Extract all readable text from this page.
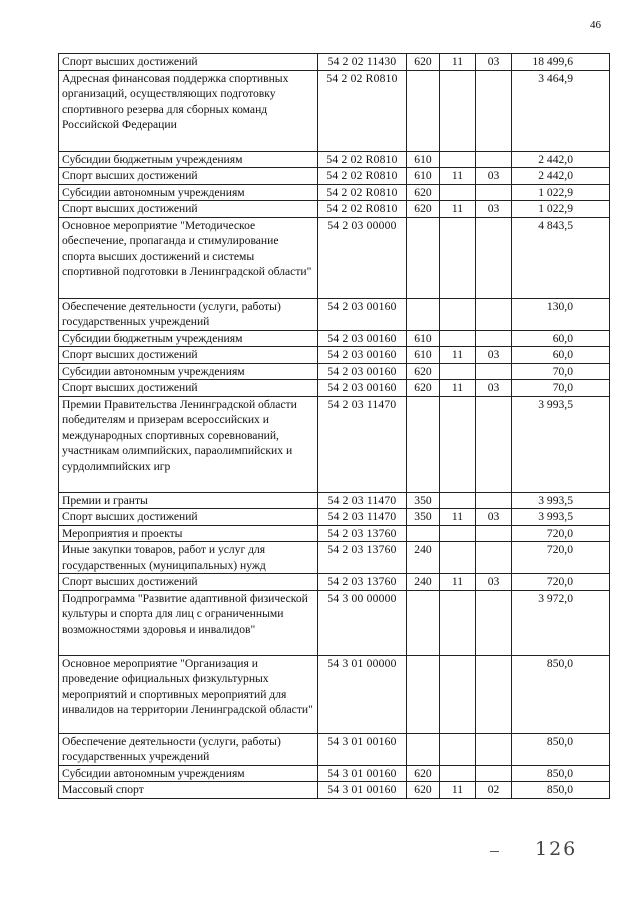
46
Спорт высших достижений	54 2 02 11430	620	11	03	18 499,6
Адресная финансовая поддержка спортивных организаций, осуществляющих подготовку спортивного резерва для сборных команд Российской Федерации	54 2 02 R0810				3 464,9
Субсидии бюджетным учреждениям	54 2 02 R0810	610			2 442,0
Спорт высших достижений	54 2 02 R0810	610	11	03	2 442,0
Субсидии автономным учреждениям	54 2 02 R0810	620			1 022,9
Спорт высших достижений	54 2 02 R0810	620	11	03	1 022,9
Основное мероприятие "Методическое обеспечение, пропаганда и стимулирование спорта высших достижений и системы спортивной подготовки в Ленинградской области"	54 2 03 00000				4 843,5
Обеспечение деятельности (услуги, работы) государственных учреждений	54 2 03 00160				130,0
Субсидии бюджетным учреждениям	54 2 03 00160	610			60,0
Спорт высших достижений	54 2 03 00160	610	11	03	60,0
Субсидии автономным учреждениям	54 2 03 00160	620			70,0
Спорт высших достижений	54 2 03 00160	620	11	03	70,0
Премии Правительства Ленинградской области победителям и призерам всероссийских и международных спортивных соревнований, участникам олимпийских, параолимпийских и сурдолимпийских игр	54 2 03 11470				3 993,5
Премии и гранты	54 2 03 11470	350			3 993,5
Спорт высших достижений	54 2 03 11470	350	11	03	3 993,5
Мероприятия и проекты	54 2 03 13760				720,0
Иные закупки товаров, работ и услуг для государственных (муниципальных) нужд	54 2 03 13760	240			720,0
Спорт высших достижений	54 2 03 13760	240	11	03	720,0
Подпрограмма "Развитие адаптивной физической культуры и спорта для лиц с ограниченными возможностями здоровья и инвалидов"	54 3 00 00000				3 972,0
Основное мероприятие "Организация и проведение официальных физкультурных мероприятий и спортивных мероприятий для инвалидов на территории Ленинградской области"	54 3 01 00000				850,0
Обеспечение деятельности (услуги, работы) государственных учреждений	54 3 01 00160				850,0
Субсидии автономным учреждениям	54 3 01 00160	620			850,0
Массовый спорт	54 3 01 00160	620	11	02	850,0
126
